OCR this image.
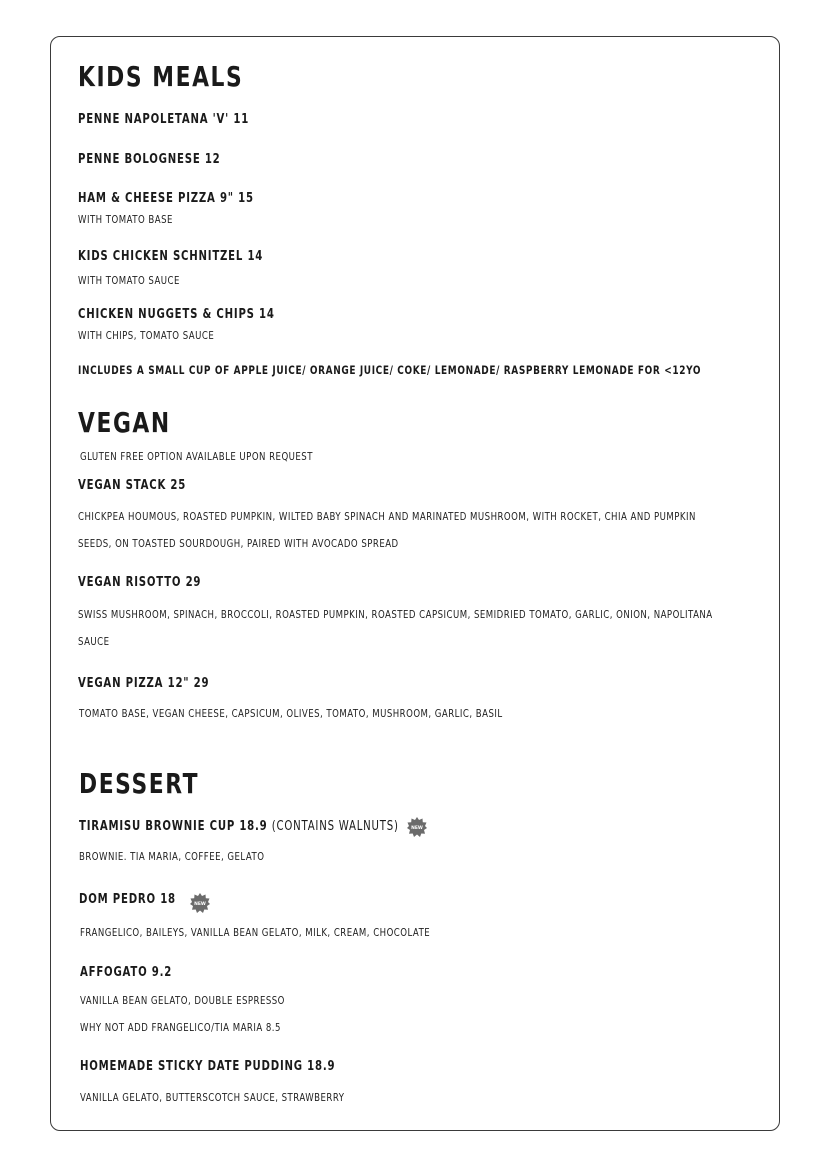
KIDS MEALS
PENNE NAPOLETANA 'V' 11
PENNE BOLOGNESE 12
HAM & CHEESE PIZZA 9" 15
WITH TOMATO BASE
KIDS CHICKEN SCHNITZEL 14
WITH TOMATO SAUCE
CHICKEN NUGGETS & CHIPS 14
WITH CHIPS, TOMATO SAUCE
INCLUDES A SMALL CUP OF APPLE JUICE/ ORANGE JUICE/ COKE/ LEMONADE/ RASPBERRY LEMONADE FOR <12YO
VEGAN
GLUTEN FREE OPTION AVAILABLE UPON REQUEST
VEGAN STACK 25
CHICKPEA HOUMOUS, ROASTED PUMPKIN, WILTED BABY SPINACH AND MARINATED MUSHROOM, WITH ROCKET, CHIA AND PUMPKIN
SEEDS, ON TOASTED SOURDOUGH, PAIRED WITH AVOCADO SPREAD
VEGAN RISOTTO 29
SWISS MUSHROOM, SPINACH, BROCCOLI, ROASTED PUMPKIN, ROASTED CAPSICUM, SEMIDRIED TOMATO, GARLIC, ONION, NAPOLITANA
SAUCE
VEGAN PIZZA 12" 29
TOMATO BASE, VEGAN CHEESE, CAPSICUM, OLIVES, TOMATO, MUSHROOM, GARLIC, BASIL
DESSERT
TIRAMISU BROWNIE CUP 18.9 (CONTAINS WALNUTS)	NEW
BROWNIE. TIA MARIA, COFFEE, GELATO
DOM PEDRO 18	NEW
FRANGELICO, BAILEYS, VANILLA BEAN GELATO, MILK, CREAM, CHOCOLATE
AFFOGATO 9.2
VANILLA BEAN GELATO, DOUBLE ESPRESSO
WHY NOT ADD FRANGELICO/TIA MARIA 8.5
HOMEMADE STICKY DATE PUDDING 18.9
VANILLA GELATO, BUTTERSCOTCH SAUCE, STRAWBERRY
